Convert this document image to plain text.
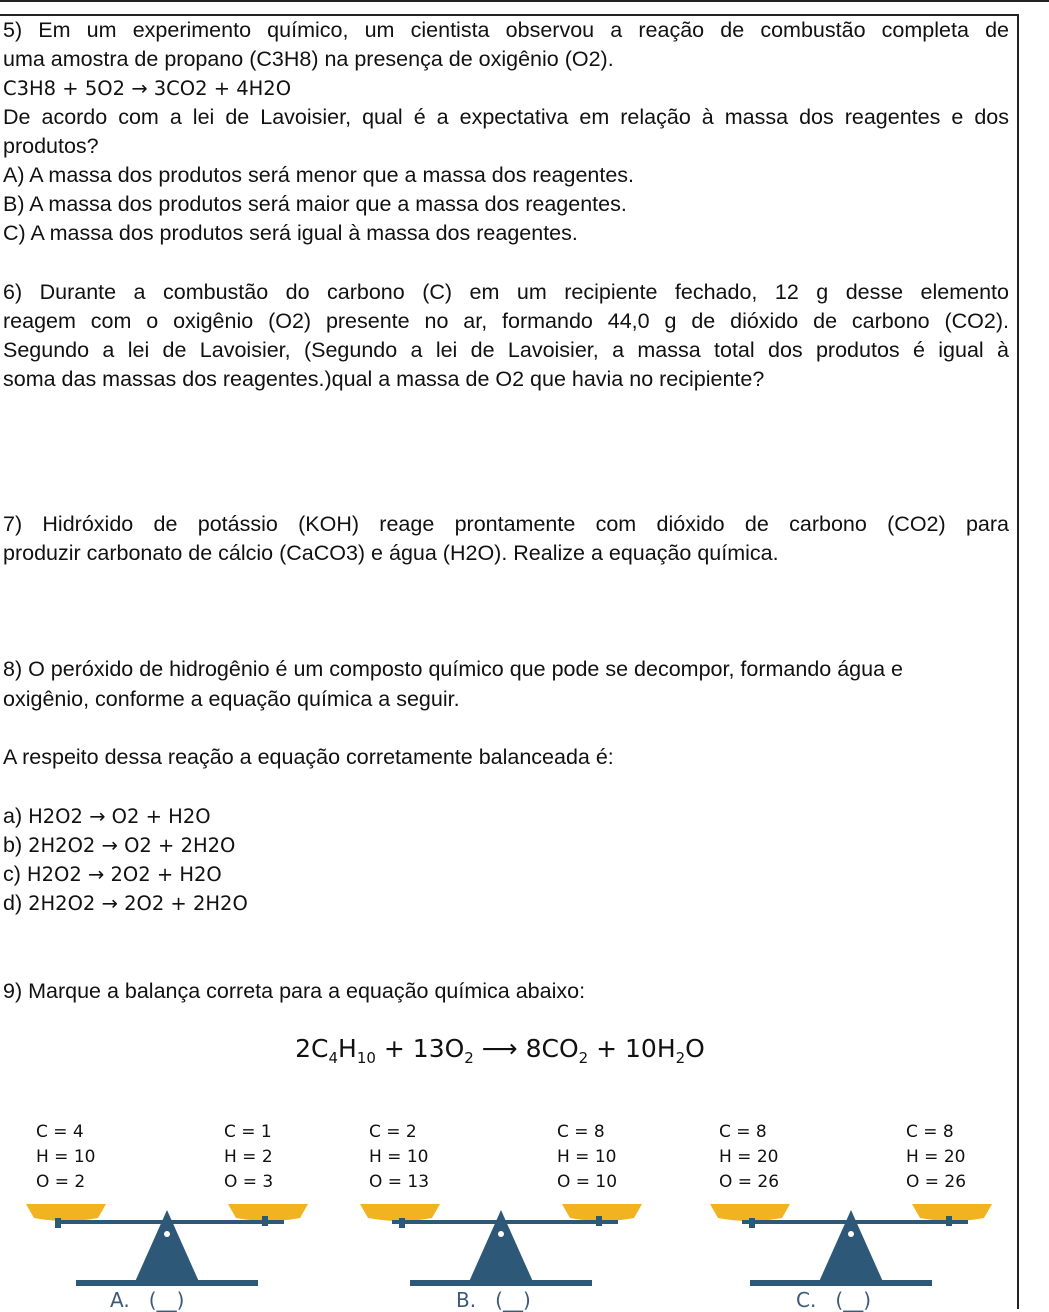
5) Em um experimento químico, um cientista observou a reação de combustão completa de
uma amostra de propano (C3H8) na presença de oxigênio (O2).
C3H8 + 5O2 → 3CO2 + 4H2O
De acordo com a lei de Lavoisier, qual é a expectativa em relação à massa dos reagentes e dos
produtos?
A) A massa dos produtos será menor que a massa dos reagentes.
B) A massa dos produtos será maior que a massa dos reagentes.
C) A massa dos produtos será igual à massa dos reagentes.
6) Durante a combustão do carbono (C) em um recipiente fechado, 12 g desse elemento
reagem com o oxigênio (O2) presente no ar, formando 44,0 g de dióxido de carbono (CO2).
Segundo a lei de Lavoisier, (Segundo a lei de Lavoisier, a massa total dos produtos é igual à
soma das massas dos reagentes.)qual a massa de O2 que havia no recipiente?
7) Hidróxido de potássio (KOH) reage prontamente com dióxido de carbono (CO2) para
produzir carbonato de cálcio (CaCO3) e água (H2O). Realize a equação química.
8) O peróxido de hidrogênio é um composto químico que pode se decompor, formando água e
oxigênio, conforme a equação química a seguir.
A respeito dessa reação a equação corretamente balanceada é:
a) H2O2 → O2 + H2O
b) 2H2O2 → O2 + 2H2O
c) H2O2 → 2O2 + H2O
d) 2H2O2 → 2O2 + 2H2O
9) Marque a balança correta para a equação química abaixo:
$2C_4H_{10} + 13O_2$ ⟶ $8CO_2 + 10H_2O$
C = 4
H = 10
O = 2
C = 1
H = 2
O = 3
A. (__)
C = 2
H = 10
O = 13
C = 8
H = 10
O = 10
B. (__)
C = 8
H = 20
O = 26
C = 8
H = 20
O = 26
C. (__)
